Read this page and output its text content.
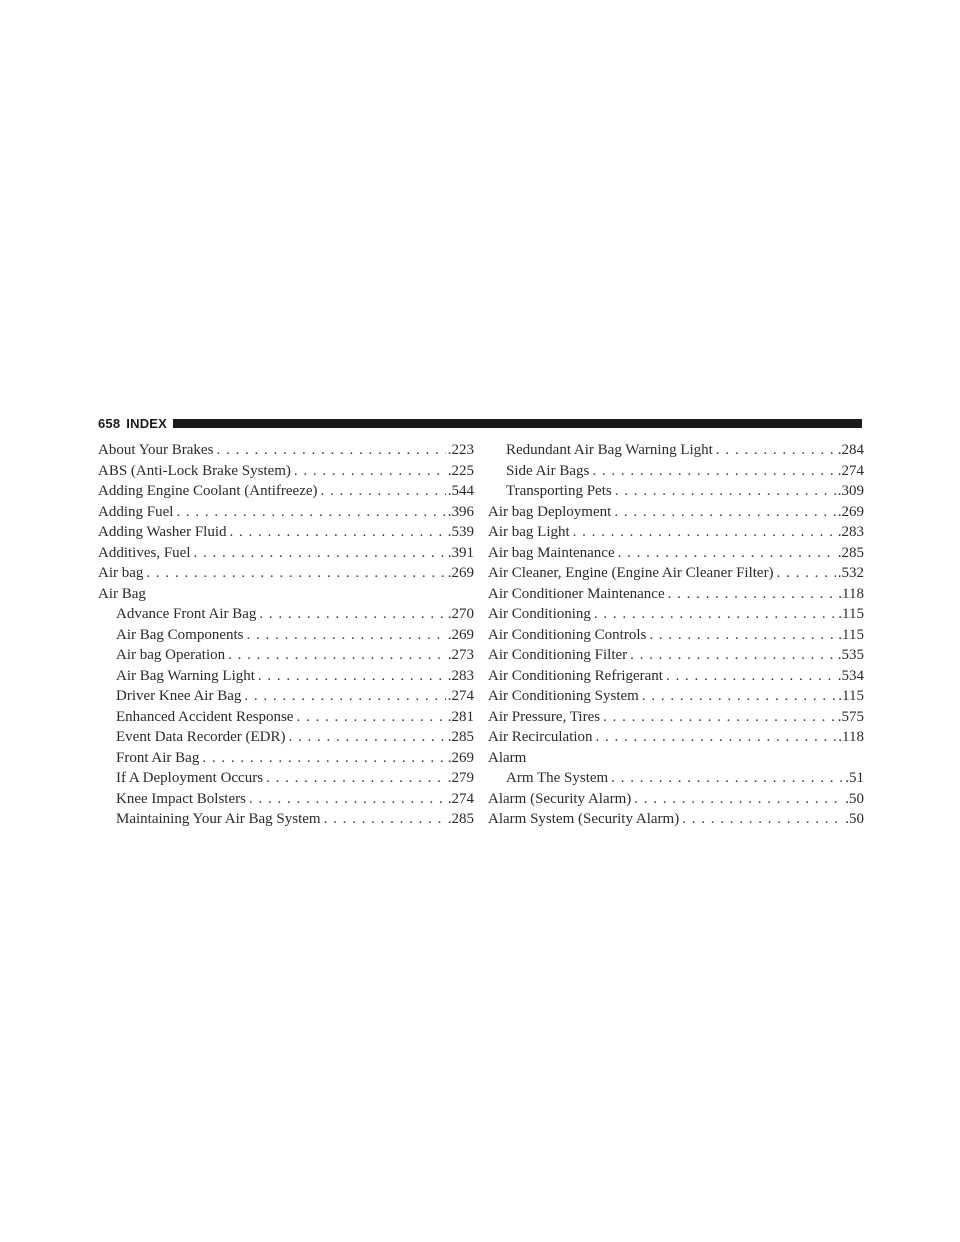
658 INDEX
About Your Brakes . . .	.223
ABS (Anti-Lock Brake System) . . .	.225
Adding Engine Coolant (Antifreeze) . . .	.544
Adding Fuel . . .	.396
Adding Washer Fluid . . .	.539
Additives, Fuel . . .	.391
Air bag . . .	.269
Air Bag
Advance Front Air Bag . . .	.270
Air Bag Components . . .	.269
Air bag Operation . . .	.273
Air Bag Warning Light . . .	.283
Driver Knee Air Bag . . .	.274
Enhanced Accident Response . . .	.281
Event Data Recorder (EDR) . . .	.285
Front Air Bag . . .	.269
If A Deployment Occurs . . .	.279
Knee Impact Bolsters . . .	.274
Maintaining Your Air Bag System . . .	.285
Redundant Air Bag Warning Light . . .	.284
Side Air Bags . . .	.274
Transporting Pets . . .	.309
Air bag Deployment . . .	.269
Air bag Light . . .	.283
Air bag Maintenance . . .	.285
Air Cleaner, Engine (Engine Air Cleaner Filter) . . .	.532
Air Conditioner Maintenance . . .	.118
Air Conditioning . . .	.115
Air Conditioning Controls . . .	.115
Air Conditioning Filter . . .	.535
Air Conditioning Refrigerant . . .	.534
Air Conditioning System . . .	.115
Air Pressure, Tires . . .	.575
Air Recirculation . . .	.118
Alarm
Arm The System . . .	.51
Alarm (Security Alarm) . . .	.50
Alarm System (Security Alarm) . . .	.50
